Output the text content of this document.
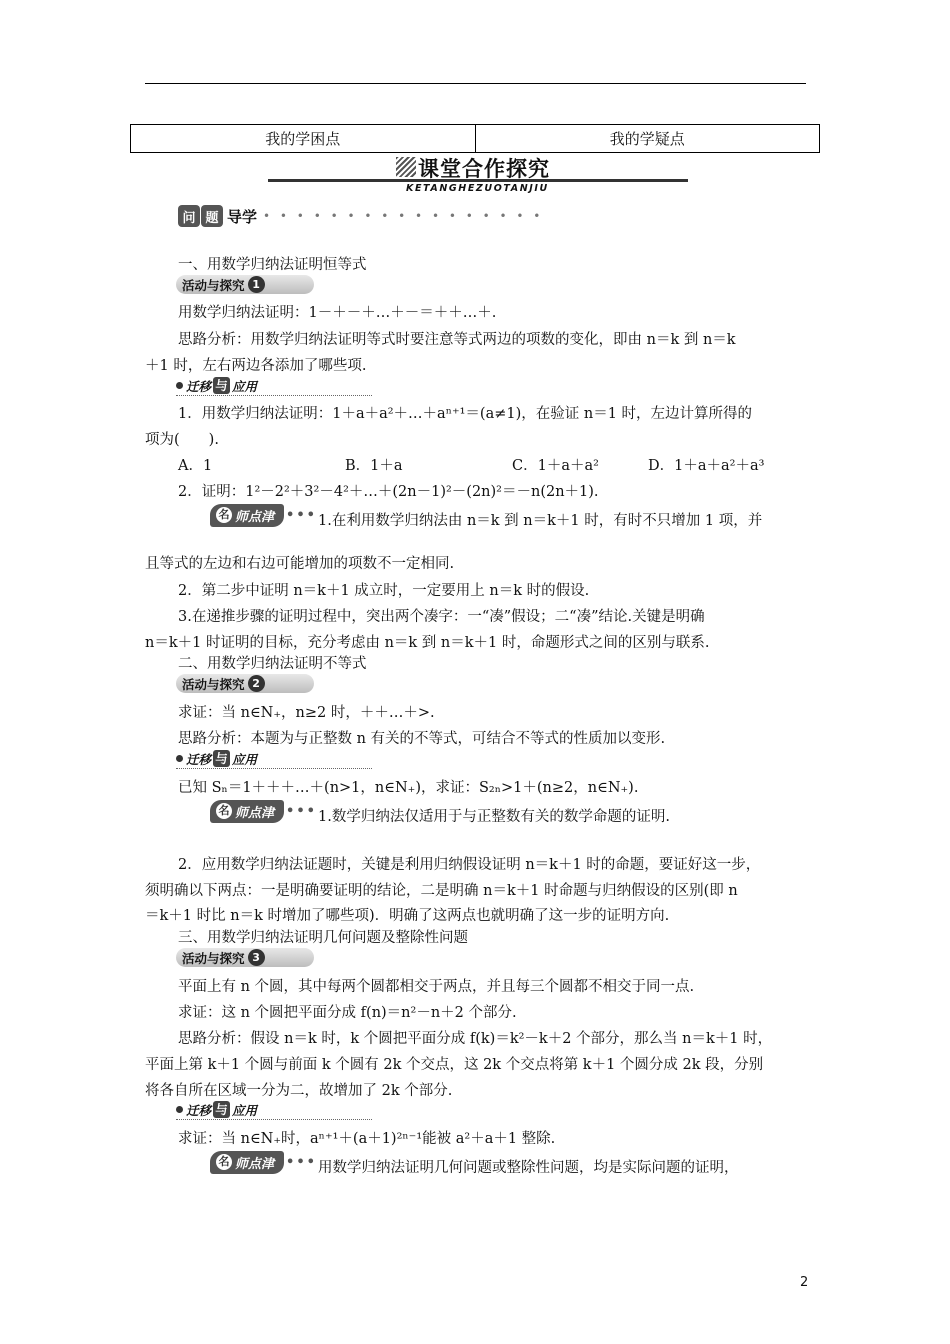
我的学困点	我的学疑点
课堂合作探究
KETANGHEZUOTANJIU
问 题 导学 • • • • • • • • • • • • • • • • •
一、用数学归纳法证明恒等式
活动与探究 1
用数学归纳法证明：1－＋－＋…＋－＝＋＋…＋.
思路分析：用数学归纳法证明等式时要注意等式两边的项数的变化，即由 n＝k 到 n＝k
＋1 时，左右两边各添加了哪些项.
迁移 与 应用
1．用数学归纳法证明：1＋a＋a²＋…＋aⁿ⁺¹＝(a≠1)，在验证 n＝1 时，左边计算所得的
项为(　　).
A．1	B．1＋a	C．1＋a＋a²	D．1＋a＋a²＋a³
2．证明：1²－2²＋3²－4²＋…＋(2n－1)²－(2n)²＝－n(2n＋1).
名 师点津 ••• 1.在利用数学归纳法由 n＝k 到 n＝k＋1 时，有时不只增加 1 项，并
且等式的左边和右边可能增加的项数不一定相同.
2．第二步中证明 n＝k＋1 成立时，一定要用上 n＝k 时的假设.
3.在递推步骤的证明过程中，突出两个凑字：一“凑”假设；二“凑”结论.关键是明确
n＝k＋1 时证明的目标，充分考虑由 n＝k 到 n＝k＋1 时，命题形式之间的区别与联系.
二、用数学归纳法证明不等式
活动与探究 2
求证：当 n∈N₊，n≥2 时，＋＋…＋>.
思路分析：本题为与正整数 n 有关的不等式，可结合不等式的性质加以变形.
迁移 与 应用
已知 Sₙ＝1＋＋＋…＋(n>1，n∈N₊)，求证：S₂ₙ>1＋(n≥2，n∈N₊).
名 师点津 ••• 1.数学归纳法仅适用于与正整数有关的数学命题的证明.
2．应用数学归纳法证题时，关键是利用归纳假设证明 n＝k＋1 时的命题，要证好这一步，
须明确以下两点：一是明确要证明的结论，二是明确 n＝k＋1 时命题与归纳假设的区别(即 n
＝k＋1 时比 n＝k 时增加了哪些项)．明确了这两点也就明确了这一步的证明方向.
三、用数学归纳法证明几何问题及整除性问题
活动与探究 3
平面上有 n 个圆，其中每两个圆都相交于两点，并且每三个圆都不相交于同一点.
求证：这 n 个圆把平面分成 f(n)＝n²－n＋2 个部分.
思路分析：假设 n＝k 时，k 个圆把平面分成 f(k)＝k²－k＋2 个部分，那么当 n＝k＋1 时，
平面上第 k＋1 个圆与前面 k 个圆有 2k 个交点，这 2k 个交点将第 k＋1 个圆分成 2k 段，分别
将各自所在区域一分为二，故增加了 2k 个部分.
迁移 与 应用
求证：当 n∈N₊时，aⁿ⁺¹＋(a＋1)²ⁿ⁻¹能被 a²＋a＋1 整除.
名 师点津 ••• 用数学归纳法证明几何问题或整除性问题，均是实际问题的证明，
2
